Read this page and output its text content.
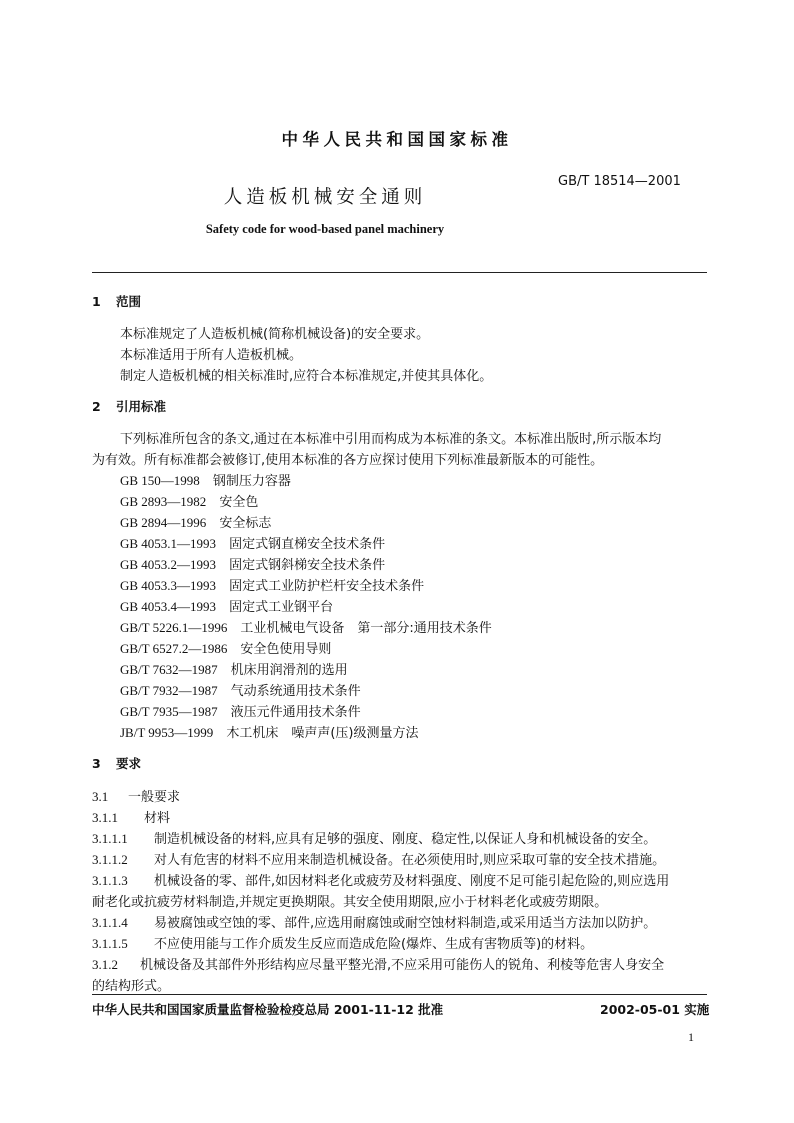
中华人民共和国国家标准
GB/T 18514—2001
人造板机械安全通则
Safety code for wood-based panel machinery
1 范围
本标准规定了人造板机械(简称机械设备)的安全要求。
本标准适用于所有人造板机械。
制定人造板机械的相关标准时,应符合本标准规定,并使其具体化。
2 引用标准
下列标准所包含的条文,通过在本标准中引用而构成为本标准的条文。本标准出版时,所示版本均
为有效。所有标准都会被修订,使用本标准的各方应探讨使用下列标准最新版本的可能性。
GB 150—1998　 钢制压力容器
GB 2893—1982　 安全色
GB 2894—1996　 安全标志
GB 4053.1—1993　 固定式钢直梯安全技术条件
GB 4053.2—1993　 固定式钢斜梯安全技术条件
GB 4053.3—1993　 固定式工业防护栏杆安全技术条件
GB 4053.4—1993　 固定式工业钢平台
GB/T 5226.1—1996　 工业机械电气设备　第一部分:通用技术条件
GB/T 6527.2—1986　 安全色使用导则
GB/T 7632—1987　 机床用润滑剂的选用
GB/T 7932—1987　 气动系统通用技术条件
GB/T 7935—1987　 液压元件通用技术条件
JB/T 9953—1999　 木工机床　噪声声(压)级测量方法
3 要求
3.1 一般要求
3.1.1 材料
3.1.1.1 制造机械设备的材料,应具有足够的强度、刚度、稳定性,以保证人身和机械设备的安全。
3.1.1.2 对人有危害的材料不应用来制造机械设备。在必须使用时,则应采取可靠的安全技术措施。
3.1.1.3 机械设备的零、部件,如因材料老化或疲劳及材料强度、刚度不足可能引起危险的,则应选用
耐老化或抗疲劳材料制造,并规定更换期限。其安全使用期限,应小于材料老化或疲劳期限。
3.1.1.4 易被腐蚀或空蚀的零、部件,应选用耐腐蚀或耐空蚀材料制造,或采用适当方法加以防护。
3.1.1.5 不应使用能与工作介质发生反应而造成危险(爆炸、生成有害物质等)的材料。
3.1.2 机械设备及其部件外形结构应尽量平整光滑,不应采用可能伤人的锐角、利棱等危害人身安全
的结构形式。
中华人民共和国国家质量监督检验检疫总局 2001-11-12 批准	2002-05-01 实施
1
